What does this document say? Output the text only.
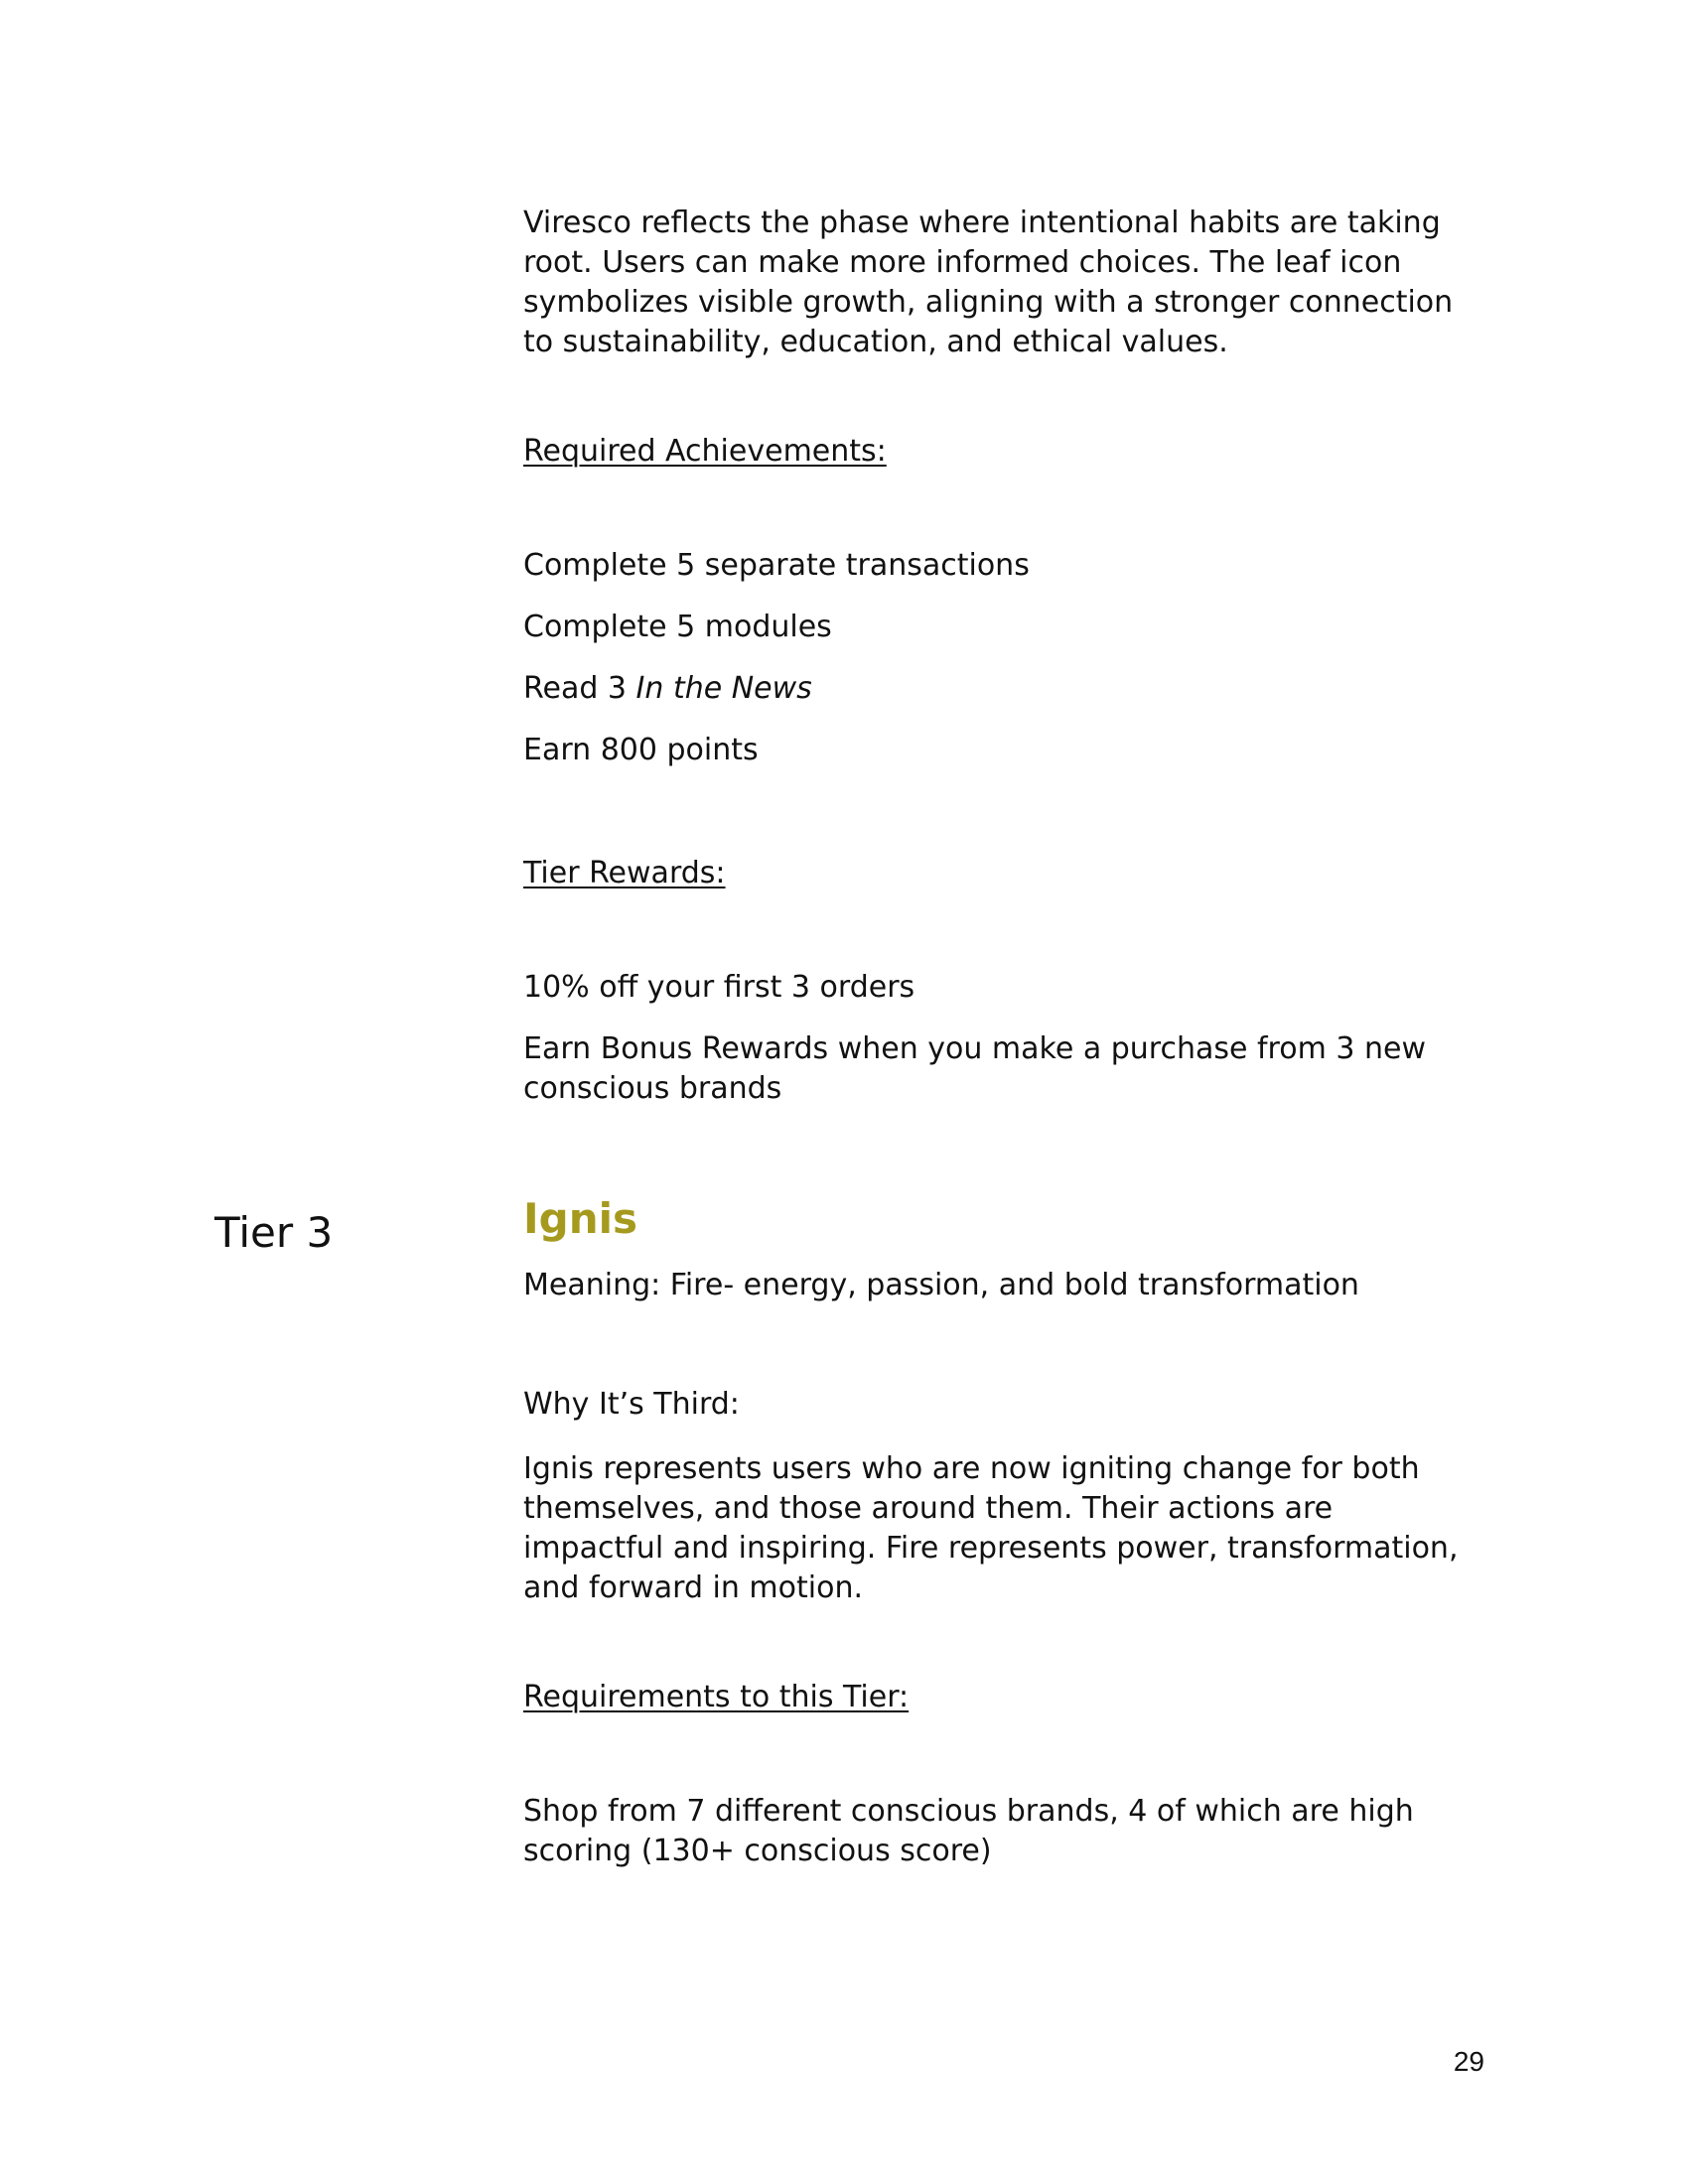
Tier 3

Viresco reflects the phase where intentional habits are taking root. Users can make more informed choices. The leaf icon symbolizes visible growth, aligning with a stronger connection to sustainability, education, and ethical values.

Required Achievements:

Complete 5 separate transactions

Complete 5 modules

Read 3 In the News

Earn 800 points

Tier Rewards:

10% off your first 3 orders

Earn Bonus Rewards when you make a purchase from 3 new conscious brands

Ignis

Meaning: Fire- energy, passion, and bold transformation

Why It’s Third:

Ignis represents users who are now igniting change for both themselves, and those around them. Their actions are impactful and inspiring. Fire represents power, transformation, and forward in motion.

Requirements to this Tier:

Shop from 7 different conscious brands, 4 of which are high scoring (130+ conscious score)

29
